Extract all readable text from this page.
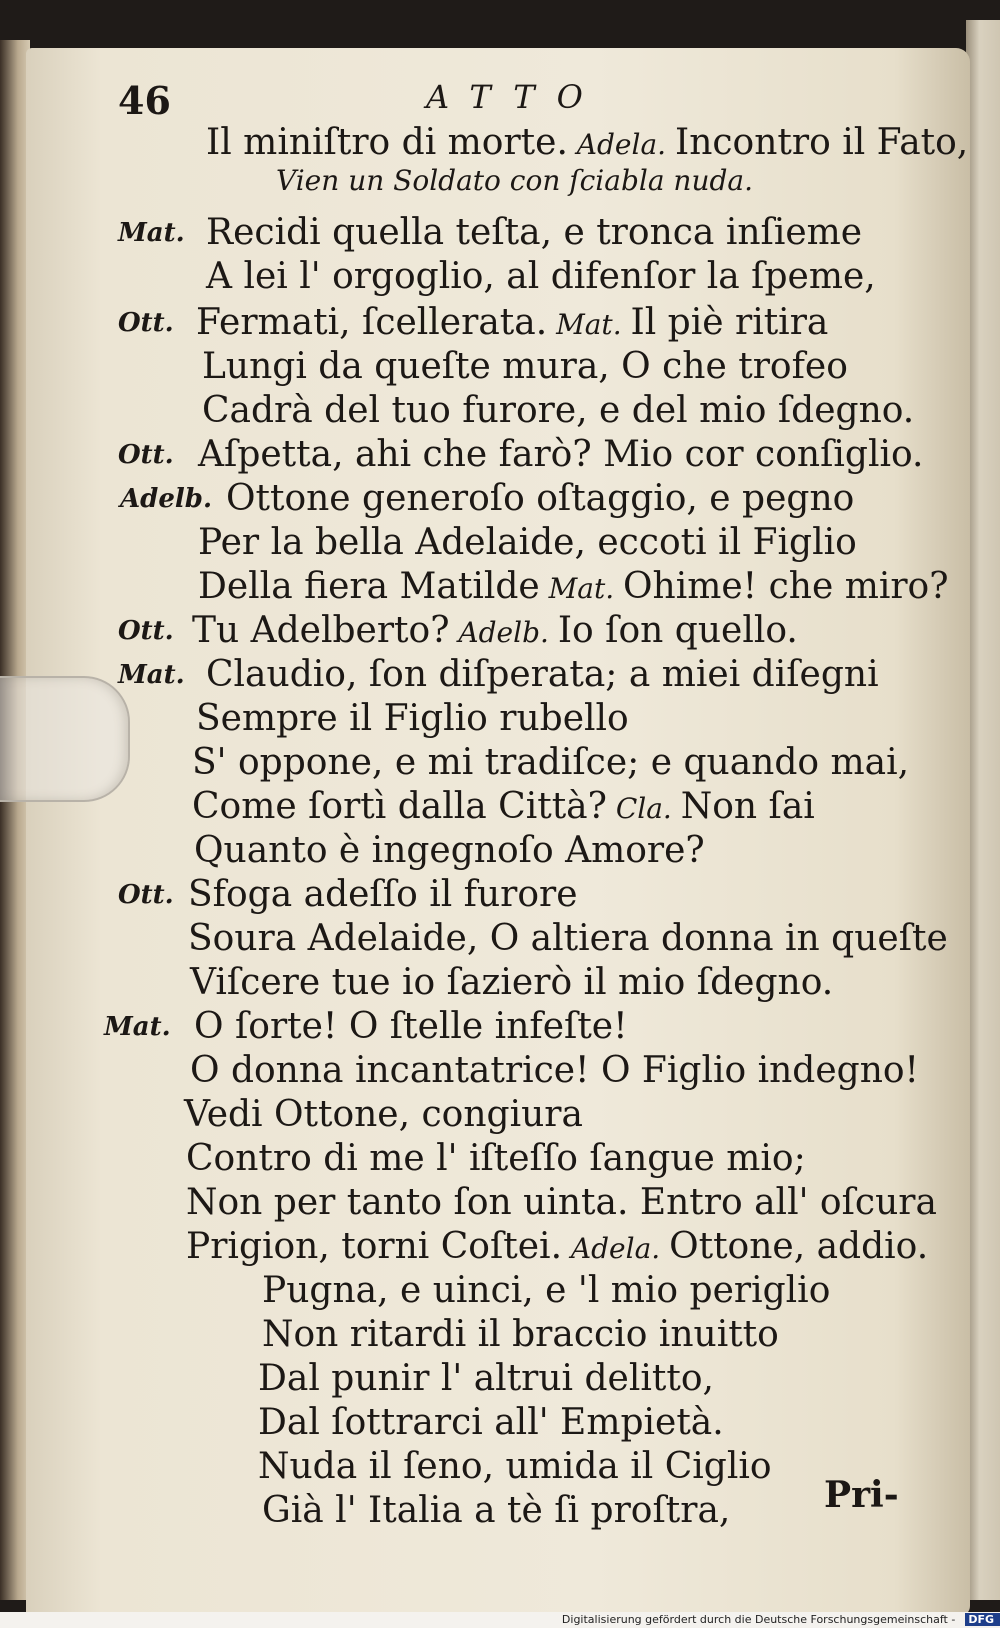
46	ATTO
Il miniſtro di morte. Adela. Incontro il Fato,
Mat. Recidi quella teſta, e tronca inſieme
A lei l' orgoglio, al difenſor la ſpeme,
Ott. Fermati, ſcellerata. Mat. Il piè ritira
Lungi da queſte mura, O che trofeo
Cadrà del tuo furore, e del mio ſdegno.
Ott. Aſpetta, ahi che farò? Mio cor conſiglio.
Adelb. Ottone generoſo oſtaggio, e pegno
Per la bella Adelaide, eccoti il Figlio
Della fiera Matilde Mat. Ohime! che miro?
Ott. Tu Adelberto? Adelb. Io ſon quello.
Mat. Claudio, ſon diſperata; a miei diſegni
Sempre il Figlio rubello
S' oppone, e mi tradiſce; e quando mai,
Come ſortì dalla Città? Cla. Non ſai
Quanto è ingegnoſo Amore?
Ott. Sfoga adeſſo il furore
Soura Adelaide, O altiera donna in queſte
Viſcere tue io ſazierò il mio ſdegno.
Mat. O ſorte! O ſtelle infeſte!
O donna incantatrice! O Figlio indegno!
Vedi Ottone, congiura
Contro di me l' iſteſſo ſangue mio;
Non per tanto ſon uinta. Entro all' oſcura
Prigion, torni Coſtei. Adela. Ottone, addio.
Pugna, e uinci, e 'l mio periglio
Non ritardi il braccio inuitto
Dal punir l' altrui delitto,
Dal ſottrarci all' Empietà.
Nuda il ſeno, umida il Ciglio
Già l' Italia a tè ſi proſtra,
Vien un Soldato con ſciabla nuda.
Pri-
Digitalisierung gefördert durch die Deutsche Forschungsgemeinschaft - DFG
